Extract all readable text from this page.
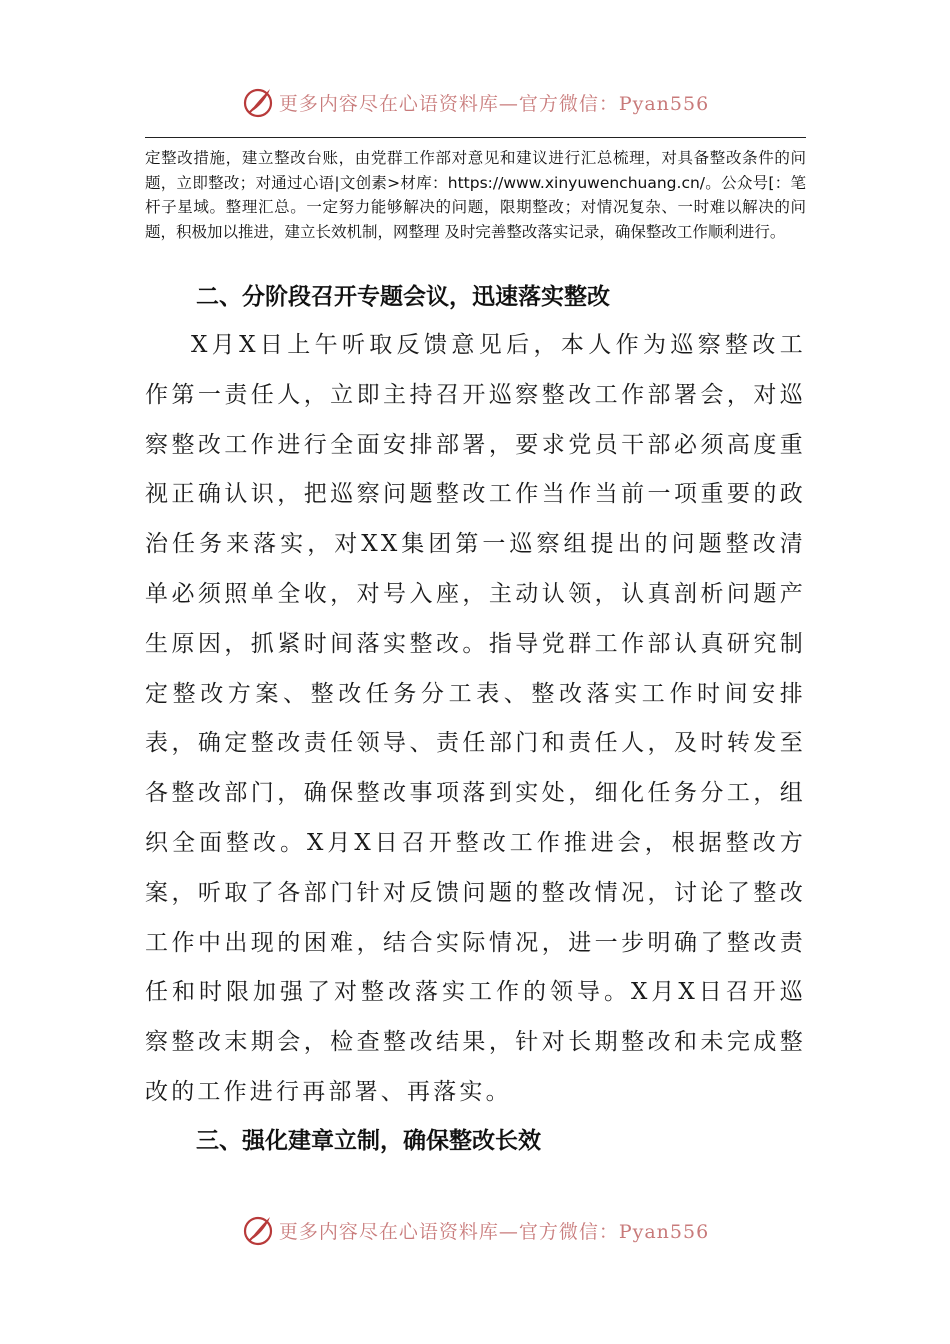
更多内容尽在心语资料库—官方微信：Pyan556
定整改措施，建立整改台账，由党群工作部对意见和建议进行汇总梳理，对具备整改条件的问题，立即整改；对通过心语|文创素>材库：https://www.xinyuwenchuang.cn/。公众号[：笔杆子星域。整理汇总。一定努力能够解决的问题，限期整改；对情况复杂、一时难以解决的问题，积极加以推进，建立长效机制，网整理 及时完善整改落实记录，确保整改工作顺利进行。
二、分阶段召开专题会议，迅速落实整改
X月X日上午听取反馈意见后，本人作为巡察整改工作第一责任人，立即主持召开巡察整改工作部署会，对巡察整改工作进行全面安排部署，要求党员干部必须高度重视正确认识，把巡察问题整改工作当作当前一项重要的政治任务来落实，对XX集团第一巡察组提出的问题整改清单必须照单全收，对号入座，主动认领，认真剖析问题产生原因，抓紧时间落实整改。指导党群工作部认真研究制定整改方案、整改任务分工表、整改落实工作时间安排表，确定整改责任领导、责任部门和责任人，及时转发至各整改部门，确保整改事项落到实处，细化任务分工，组织全面整改。X月X日召开整改工作推进会，根据整改方案，听取了各部门针对反馈问题的整改情况，讨论了整改工作中出现的困难，结合实际情况，进一步明确了整改责任和时限加强了对整改落实工作的领导。X月X日召开巡察整改末期会，检查整改结果，针对长期整改和未完成整改的工作进行再部署、再落实。
三、强化建章立制，确保整改长效
更多内容尽在心语资料库—官方微信：Pyan556
